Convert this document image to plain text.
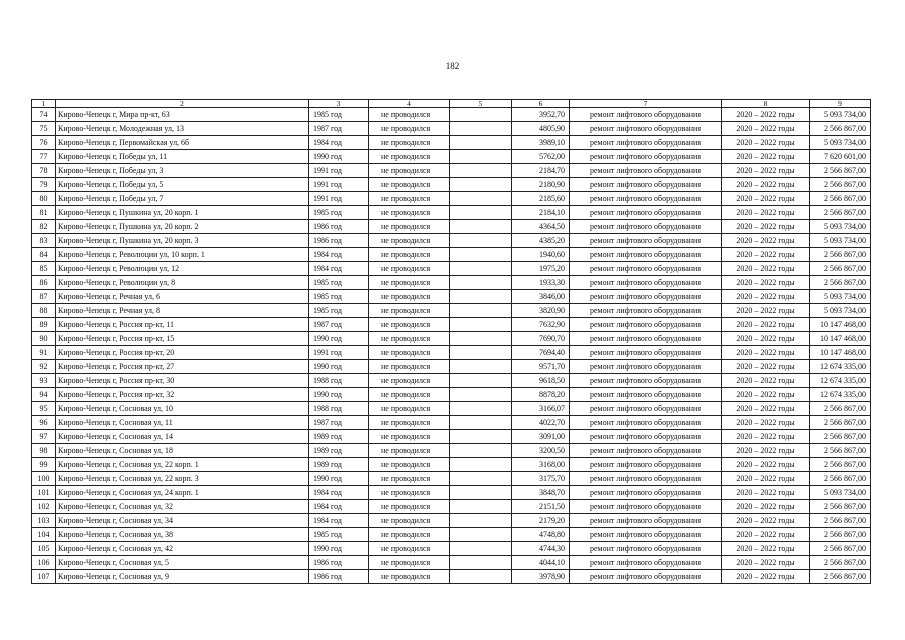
182
1	2	3	4	5	6	7	8	9
74	Кирово-Чепецк г, Мира пр-кт, 63	1985 год	не проводился		3952,70	ремонт лифтового оборудования	2020 – 2022 годы	5 093 734,00
75	Кирово-Чепецк г, Молодежная ул, 13	1987 год	не проводился		4805,90	ремонт лифтового оборудования	2020 – 2022 годы	2 566 867,00
76	Кирово-Чепецк г, Первомайская ул, 6б	1984 год	не проводился		3989,10	ремонт лифтового оборудования	2020 – 2022 годы	5 093 734,00
77	Кирово-Чепецк г, Победы ул, 11	1990 год	не проводился		5762,00	ремонт лифтового оборудования	2020 – 2022 годы	7 620 601,00
78	Кирово-Чепецк г, Победы ул, 3	1991 год	не проводился		2184,70	ремонт лифтового оборудования	2020 – 2022 годы	2 566 867,00
79	Кирово-Чепецк г, Победы ул, 5	1991 год	не проводился		2180,90	ремонт лифтового оборудования	2020 – 2022 годы	2 566 867,00
80	Кирово-Чепецк г, Победы ул, 7	1991 год	не проводился		2185,60	ремонт лифтового оборудования	2020 – 2022 годы	2 566 867,00
81	Кирово-Чепецк г, Пушкина ул, 20 корп. 1	1985 год	не проводился		2184,10	ремонт лифтового оборудования	2020 – 2022 годы	2 566 867,00
82	Кирово-Чепецк г, Пушкина ул, 20 корп. 2	1986 год	не проводился		4364,50	ремонт лифтового оборудования	2020 – 2022 годы	5 093 734,00
83	Кирово-Чепецк г, Пушкина ул, 20 корп. 3	1986 год	не проводился		4385,20	ремонт лифтового оборудования	2020 – 2022 годы	5 093 734,00
84	Кирово-Чепецк г, Революции ул, 10 корп. 1	1984 год	не проводился		1940,60	ремонт лифтового оборудования	2020 – 2022 годы	2 566 867,00
85	Кирово-Чепецк г, Революции ул, 12	1984 год	не проводился		1975,20	ремонт лифтового оборудования	2020 – 2022 годы	2 566 867,00
86	Кирово-Чепецк г, Революции ул, 8	1985 год	не проводился		1933,30	ремонт лифтового оборудования	2020 – 2022 годы	2 566 867,00
87	Кирово-Чепецк г, Речная ул, 6	1985 год	не проводился		3846,00	ремонт лифтового оборудования	2020 – 2022 годы	5 093 734,00
88	Кирово-Чепецк г, Речная ул, 8	1985 год	не проводился		3820,90	ремонт лифтового оборудования	2020 – 2022 годы	5 093 734,00
89	Кирово-Чепецк г, Россия пр-кт, 11	1987 год	не проводился		7632,90	ремонт лифтового оборудования	2020 – 2022 годы	10 147 468,00
90	Кирово-Чепецк г, Россия пр-кт, 15	1990 год	не проводился		7690,70	ремонт лифтового оборудования	2020 – 2022 годы	10 147 468,00
91	Кирово-Чепецк г, Россия пр-кт, 20	1991 год	не проводился		7694,40	ремонт лифтового оборудования	2020 – 2022 годы	10 147 468,00
92	Кирово-Чепецк г, Россия пр-кт, 27	1990 год	не проводился		9571,70	ремонт лифтового оборудования	2020 – 2022 годы	12 674 335,00
93	Кирово-Чепецк г, Россия пр-кт, 30	1988 год	не проводился		9618,50	ремонт лифтового оборудования	2020 – 2022 годы	12 674 335,00
94	Кирово-Чепецк г, Россия пр-кт, 32	1990 год	не проводился		8878,20	ремонт лифтового оборудования	2020 – 2022 годы	12 674 335,00
95	Кирово-Чепецк г, Сосновая ул, 10	1988 год	не проводился		3166,07	ремонт лифтового оборудования	2020 – 2022 годы	2 566 867,00
96	Кирово-Чепецк г, Сосновая ул, 11	1987 год	не проводился		4022,70	ремонт лифтового оборудования	2020 – 2022 годы	2 566 867,00
97	Кирово-Чепецк г, Сосновая ул, 14	1989 год	не проводился		3091,00	ремонт лифтового оборудования	2020 – 2022 годы	2 566 867,00
98	Кирово-Чепецк г, Сосновая ул, 18	1989 год	не проводился		3200,50	ремонт лифтового оборудования	2020 – 2022 годы	2 566 867,00
99	Кирово-Чепецк г, Сосновая ул, 22 корп. 1	1989 год	не проводился		3168,00	ремонт лифтового оборудования	2020 – 2022 годы	2 566 867,00
100	Кирово-Чепецк г, Сосновая ул, 22 корп. 3	1990 год	не проводился		3175,70	ремонт лифтового оборудования	2020 – 2022 годы	2 566 867,00
101	Кирово-Чепецк г, Сосновая ул, 24 корп. 1	1984 год	не проводился		3848,70	ремонт лифтового оборудования	2020 – 2022 годы	5 093 734,00
102	Кирово-Чепецк г, Сосновая ул, 32	1984 год	не проводился		2151,50	ремонт лифтового оборудования	2020 – 2022 годы	2 566 867,00
103	Кирово-Чепецк г, Сосновая ул, 34	1984 год	не проводился		2179,20	ремонт лифтового оборудования	2020 – 2022 годы	2 566 867,00
104	Кирово-Чепецк г, Сосновая ул, 38	1985 год	не проводился		4748,80	ремонт лифтового оборудования	2020 – 2022 годы	2 566 867,00
105	Кирово-Чепецк г, Сосновая ул, 42	1990 год	не проводился		4744,30	ремонт лифтового оборудования	2020 – 2022 годы	2 566 867,00
106	Кирово-Чепецк г, Сосновая ул, 5	1986 год	не проводился		4044,10	ремонт лифтового оборудования	2020 – 2022 годы	2 566 867,00
107	Кирово-Чепецк г, Сосновая ул, 9	1986 год	не проводился		3978,90	ремонт лифтового оборудования	2020 – 2022 годы	2 566 867,00
